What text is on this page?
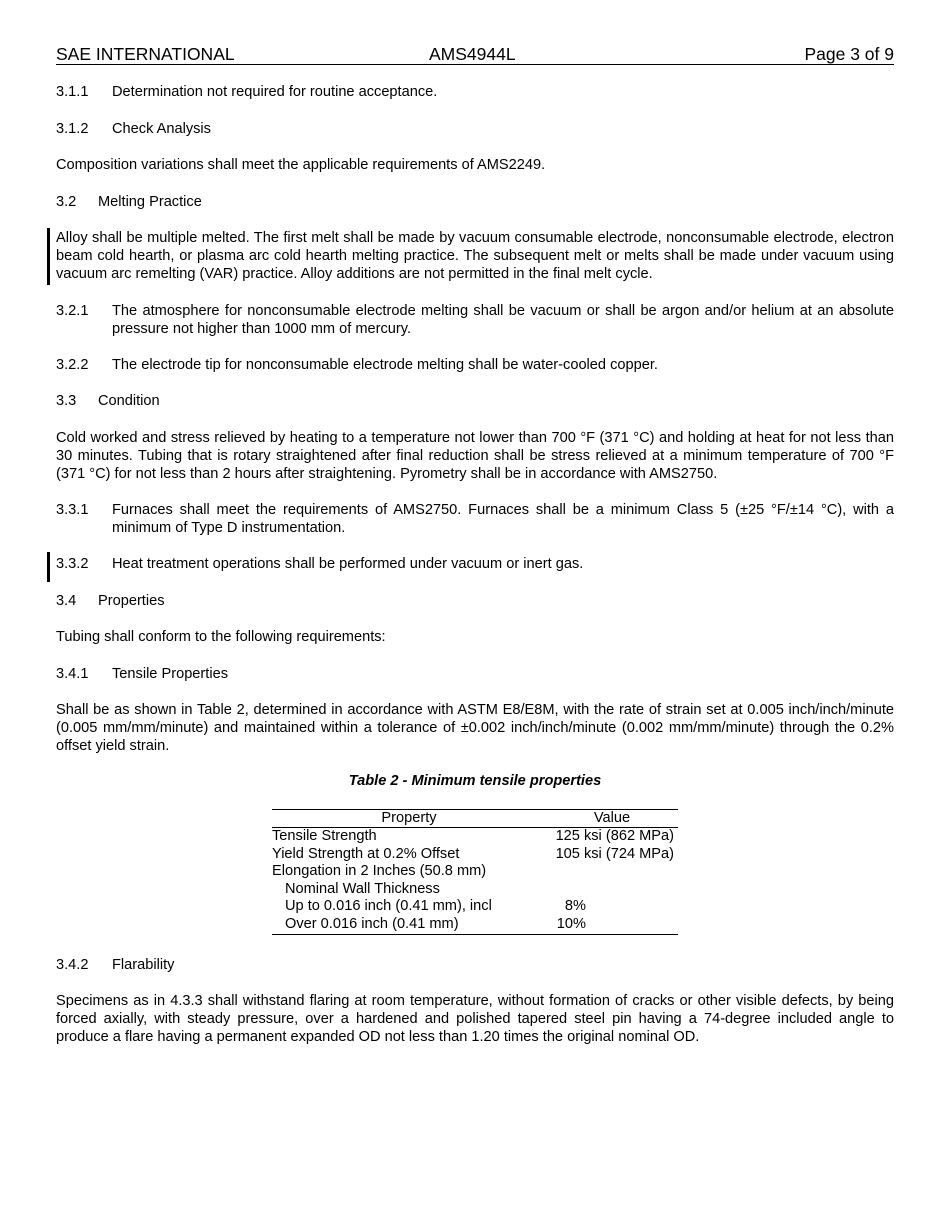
SAE INTERNATIONAL	AMS4944L	Page 3 of 9
3.1.1 Determination not required for routine acceptance.
3.1.2 Check Analysis
Composition variations shall meet the applicable requirements of AMS2249.
3.2 Melting Practice
Alloy shall be multiple melted. The first melt shall be made by vacuum consumable electrode, nonconsumable electrode, electron beam cold hearth, or plasma arc cold hearth melting practice. The subsequent melt or melts shall be made under vacuum using vacuum arc remelting (VAR) practice. Alloy additions are not permitted in the final melt cycle.
3.2.1 The atmosphere for nonconsumable electrode melting shall be vacuum or shall be argon and/or helium at an absolute pressure not higher than 1000 mm of mercury.
3.2.2 The electrode tip for nonconsumable electrode melting shall be water-cooled copper.
3.3 Condition
Cold worked and stress relieved by heating to a temperature not lower than 700 °F (371 °C) and holding at heat for not less than 30 minutes. Tubing that is rotary straightened after final reduction shall be stress relieved at a minimum temperature of 700 °F (371 °C) for not less than 2 hours after straightening. Pyrometry shall be in accordance with AMS2750.
3.3.1 Furnaces shall meet the requirements of AMS2750. Furnaces shall be a minimum Class 5 (±25 °F/±14 °C), with a minimum of Type D instrumentation.
3.3.2 Heat treatment operations shall be performed under vacuum or inert gas.
3.4 Properties
Tubing shall conform to the following requirements:
3.4.1 Tensile Properties
Shall be as shown in Table 2, determined in accordance with ASTM E8/E8M, with the rate of strain set at 0.005 inch/inch/minute (0.005 mm/mm/minute) and maintained within a tolerance of ±0.002 inch/inch/minute (0.002 mm/mm/minute) through the 0.2% offset yield strain.
Table 2 - Minimum tensile properties
Property	Value
Tensile Strength	125 ksi (862 MPa)
Yield Strength at 0.2% Offset	105 ksi (724 MPa)
Elongation in 2 Inches (50.8 mm)	
Nominal Wall Thickness	
Up to 0.016 inch (0.41 mm), incl	8%
Over 0.016 inch (0.41 mm)	10%
3.4.2 Flarability
Specimens as in 4.3.3 shall withstand flaring at room temperature, without formation of cracks or other visible defects, by being forced axially, with steady pressure, over a hardened and polished tapered steel pin having a 74-degree included angle to produce a flare having a permanent expanded OD not less than 1.20 times the original nominal OD.
